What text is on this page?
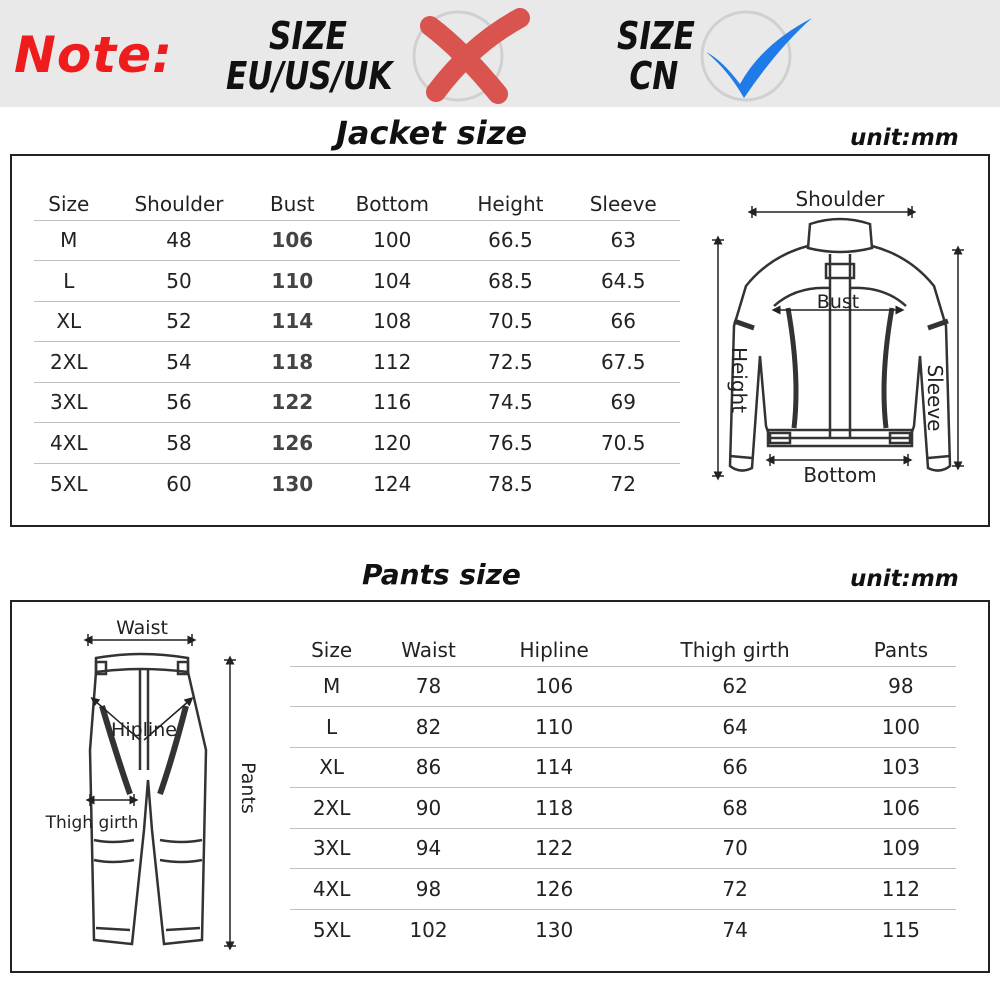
Note:	SIZE
EU/US/UK
SIZE
CN
Jacket size	unit:mm
Size	Shoulder	Bust	Bottom	Height	Sleeve
M	48	106	100	66.5	63
L	50	110	104	68.5	64.5
XL	52	114	108	70.5	66
2XL	54	118	112	72.5	67.5
3XL	56	122	116	74.5	69
4XL	58	126	120	76.5	70.5
5XL	60	130	124	78.5	72
Shoulder
Bust
Height	Sleeve
Bottom
Pants size	unit:mm
Waist
Hipline
Thigh girth
Pants
Size	Waist	Hipline	Thigh girth	Pants
M	78	106	62	98
L	82	110	64	100
XL	86	114	66	103
2XL	90	118	68	106
3XL	94	122	70	109
4XL	98	126	72	112
5XL	102	130	74	115
